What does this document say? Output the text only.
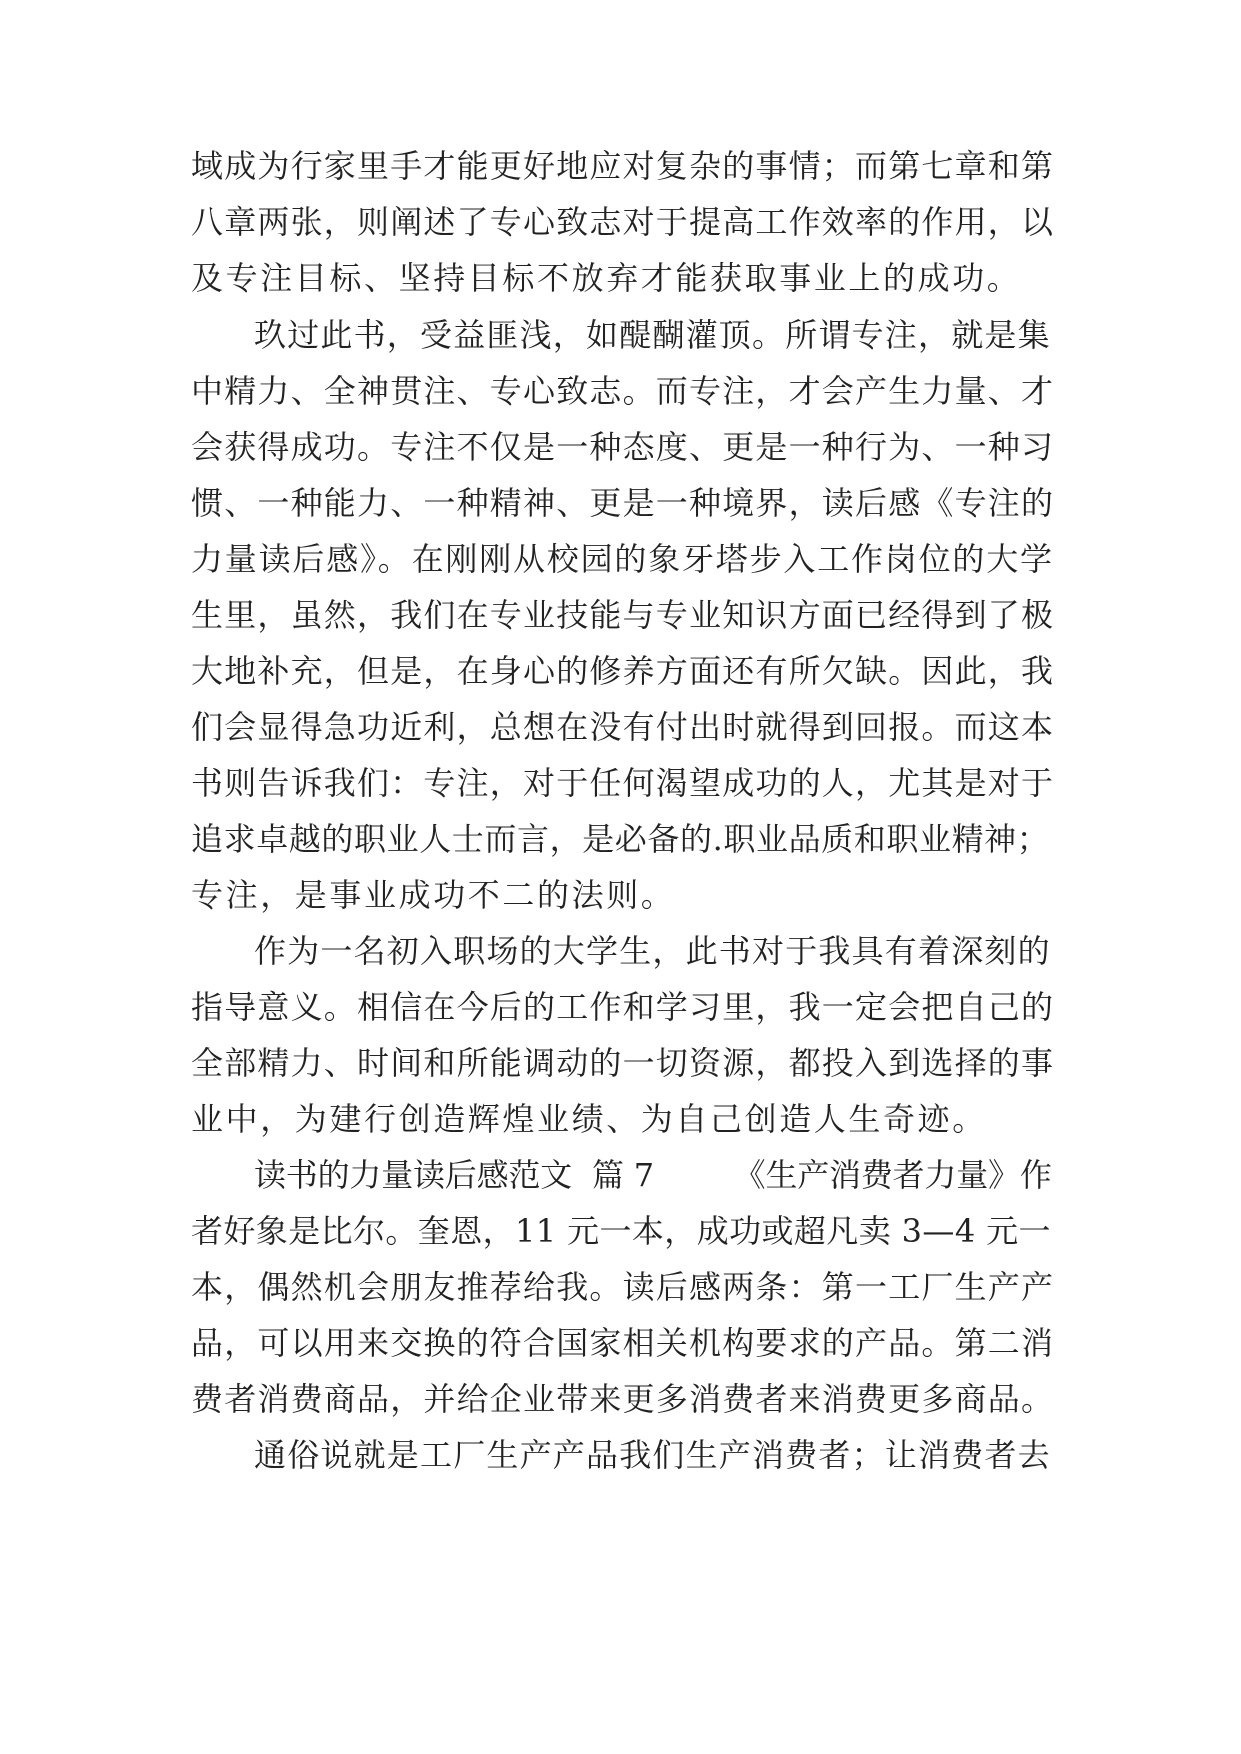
域成为行家里手才能更好地应对复杂的事情；而第七章和第

八章两张，则阐述了专心致志对于提高工作效率的作用，以

及专注目标、坚持目标不放弃才能获取事业上的成功。

玖过此书，受益匪浅，如醍醐灌顶。所谓专注，就是集

中精力、全神贯注、专心致志。而专注，才会产生力量、才

会获得成功。专注不仅是一种态度、更是一种行为、一种习

惯、一种能力、一种精神、更是一种境界，读后感《专注的

力量读后感》。在刚刚从校园的象牙塔步入工作岗位的大学

生里，虽然，我们在专业技能与专业知识方面已经得到了极

大地补充，但是，在身心的修养方面还有所欠缺。因此，我

们会显得急功近利，总想在没有付出时就得到回报。而这本

书则告诉我们：专注，对于任何渴望成功的人，尤其是对于

追求卓越的职业人士而言，是必备的.职业品质和职业精神；

专注，是事业成功不二的法则。

作为一名初入职场的大学生，此书对于我具有着深刻的

指导意义。相信在今后的工作和学习里，我一定会把自己的

全部精力、时间和所能调动的一切资源，都投入到选择的事

业中，为建行创造辉煌业绩、为自己创造人生奇迹。

读书的力量读后感范文  篇 7        《生产消费者力量》作

者好象是比尔。奎恩，11 元一本，成功或超凡卖 3—4 元一

本，偶然机会朋友推荐给我。读后感两条：第一工厂生产产

品，可以用来交换的符合国家相关机构要求的产品。第二消

费者消费商品，并给企业带来更多消费者来消费更多商品。

通俗说就是工厂生产产品我们生产消费者；让消费者去
